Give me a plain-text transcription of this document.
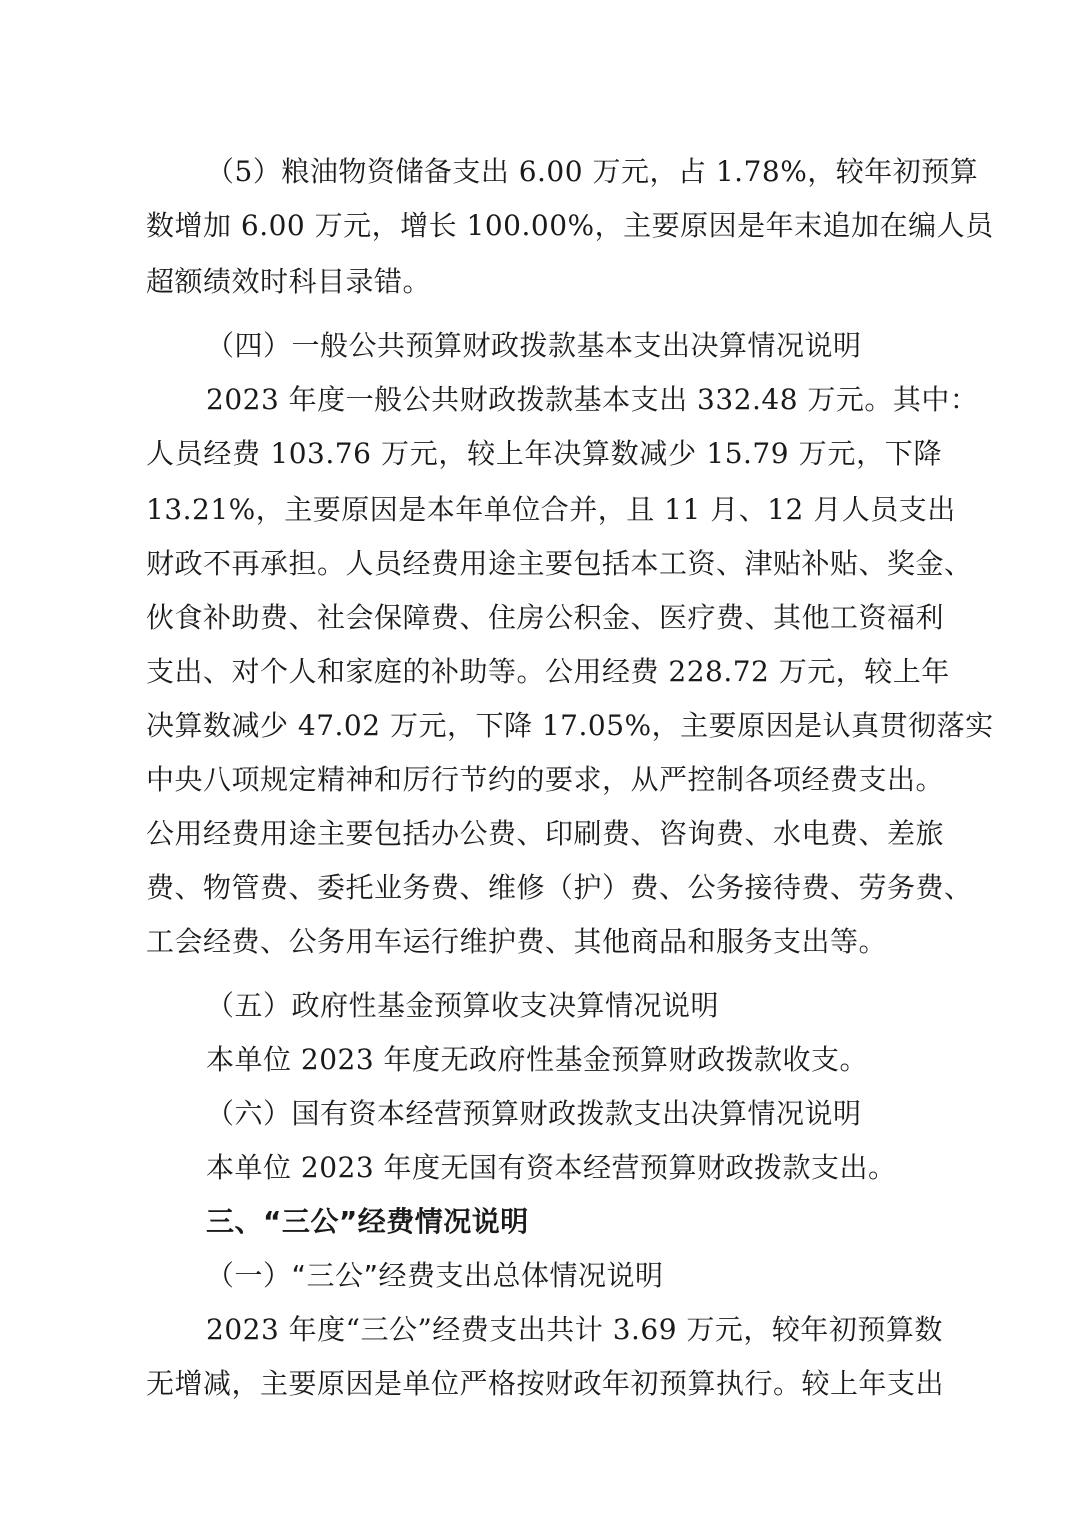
（5）粮油物资储备支出 6.00 万元，占 1.78%，较年初预算
数增加 6.00 万元，增长 100.00%，主要原因是年末追加在编人员
超额绩效时科目录错。
（四）一般公共预算财政拨款基本支出决算情况说明
2023 年度一般公共财政拨款基本支出 332.48 万元。其中：
人员经费 103.76 万元，较上年决算数减少 15.79 万元，下降
13.21%，主要原因是本年单位合并，且 11 月、12 月人员支出
财政不再承担。人员经费用途主要包括本工资、津贴补贴、奖金、
伙食补助费、社会保障费、住房公积金、医疗费、其他工资福利
支出、对个人和家庭的补助等。公用经费 228.72 万元，较上年
决算数减少 47.02 万元，下降 17.05%，主要原因是认真贯彻落实
中央八项规定精神和厉行节约的要求，从严控制各项经费支出。
公用经费用途主要包括办公费、印刷费、咨询费、水电费、差旅
费、物管费、委托业务费、维修（护）费、公务接待费、劳务费、
工会经费、公务用车运行维护费、其他商品和服务支出等。
（五）政府性基金预算收支决算情况说明
本单位 2023 年度无政府性基金预算财政拨款收支。
（六）国有资本经营预算财政拨款支出决算情况说明
本单位 2023 年度无国有资本经营预算财政拨款支出。
三、“三公”经费情况说明
（一）“三公”经费支出总体情况说明
2023 年度“三公”经费支出共计 3.69 万元，较年初预算数
无增减，主要原因是单位严格按财政年初预算执行。较上年支出
